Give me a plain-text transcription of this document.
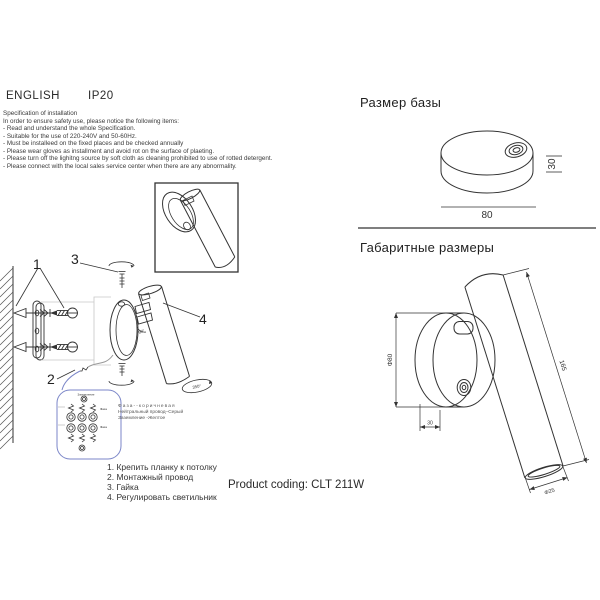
30
80
Φ80
30
165
Φ25
350°
90°
1 3
2
4
Заземление
Фаза
Фаза
ENGLISH IP20
Specification of installation
In order to ensure safety use, please notice the following items:
- Read and understand the whole Specification.
- Suitable for the use of 220-240V and 50-60Hz.
- Must be installeed on the fixed places and be checked annually
- Please wear gloves as installment and avoid rot on the surface of plaeting.
- Please turn off the lighitng source by soft cloth as cleaning prohibited to use of rotted detergent.
- Please connect with the local sales service center when there are any abnormality.
Размер базы
Габаритные размеры
Фаза--коричневая
Нейтральный провод–Серый
Заземление -Желтое
1. Крепить планку к потолку
2. Монтажный провод
3. Гайка
4. Регулировать светильник
Product coding: CLT 211W
